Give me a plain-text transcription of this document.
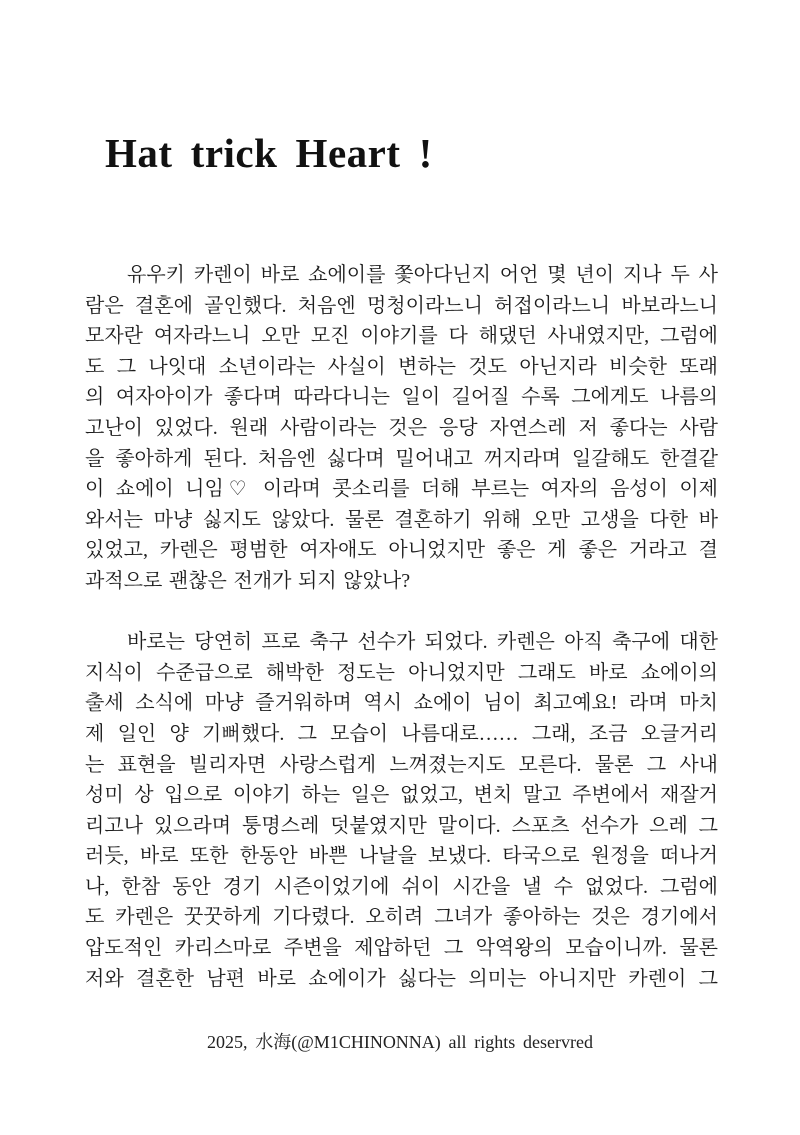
Hat trick Heart !
유우키 카렌이 바로 쇼에이를 쫓아다닌지 어언 몇 년이 지나 두 사
람은 결혼에 골인했다. 처음엔 멍청이라느니 허접이라느니 바보라느니
모자란 여자라느니 오만 모진 이야기를 다 해댔던 사내였지만, 그럼에
도 그 나잇대 소년이라는 사실이 변하는 것도 아닌지라 비슷한 또래
의 여자아이가 좋다며 따라다니는 일이 길어질 수록 그에게도 나름의
고난이 있었다. 원래 사람이라는 것은 응당 자연스레 저 좋다는 사람
을 좋아하게 된다. 처음엔 싫다며 밀어내고 꺼지라며 일갈해도 한결같
이 쇼에이 니임♡ 이라며 콧소리를 더해 부르는 여자의 음성이 이제
와서는 마냥 싫지도 않았다. 물론 결혼하기 위해 오만 고생을 다한 바
있었고, 카렌은 평범한 여자애도 아니었지만 좋은 게 좋은 거라고 결
과적으로 괜찮은 전개가 되지 않았나?
바로는 당연히 프로 축구 선수가 되었다. 카렌은 아직 축구에 대한
지식이 수준급으로 해박한 정도는 아니었지만 그래도 바로 쇼에이의
출세 소식에 마냥 즐거워하며 역시 쇼에이 님이 최고예요! 라며 마치
제 일인 양 기뻐했다. 그 모습이 나름대로…… 그래, 조금 오글거리
는 표현을 빌리자면 사랑스럽게 느껴졌는지도 모른다. 물론 그 사내
성미 상 입으로 이야기 하는 일은 없었고, 변치 말고 주변에서 재잘거
리고나 있으라며 퉁명스레 덧붙였지만 말이다. 스포츠 선수가 으레 그
러듯, 바로 또한 한동안 바쁜 나날을 보냈다. 타국으로 원정을 떠나거
나, 한참 동안 경기 시즌이었기에 쉬이 시간을 낼 수 없었다. 그럼에
도 카렌은 꿋꿋하게 기다렸다. 오히려 그녀가 좋아하는 것은 경기에서
압도적인 카리스마로 주변을 제압하던 그 악역왕의 모습이니까. 물론
저와 결혼한 남편 바로 쇼에이가 싫다는 의미는 아니지만 카렌이 그
2025, 水海(@M1CHINONNA) all rights deservred
